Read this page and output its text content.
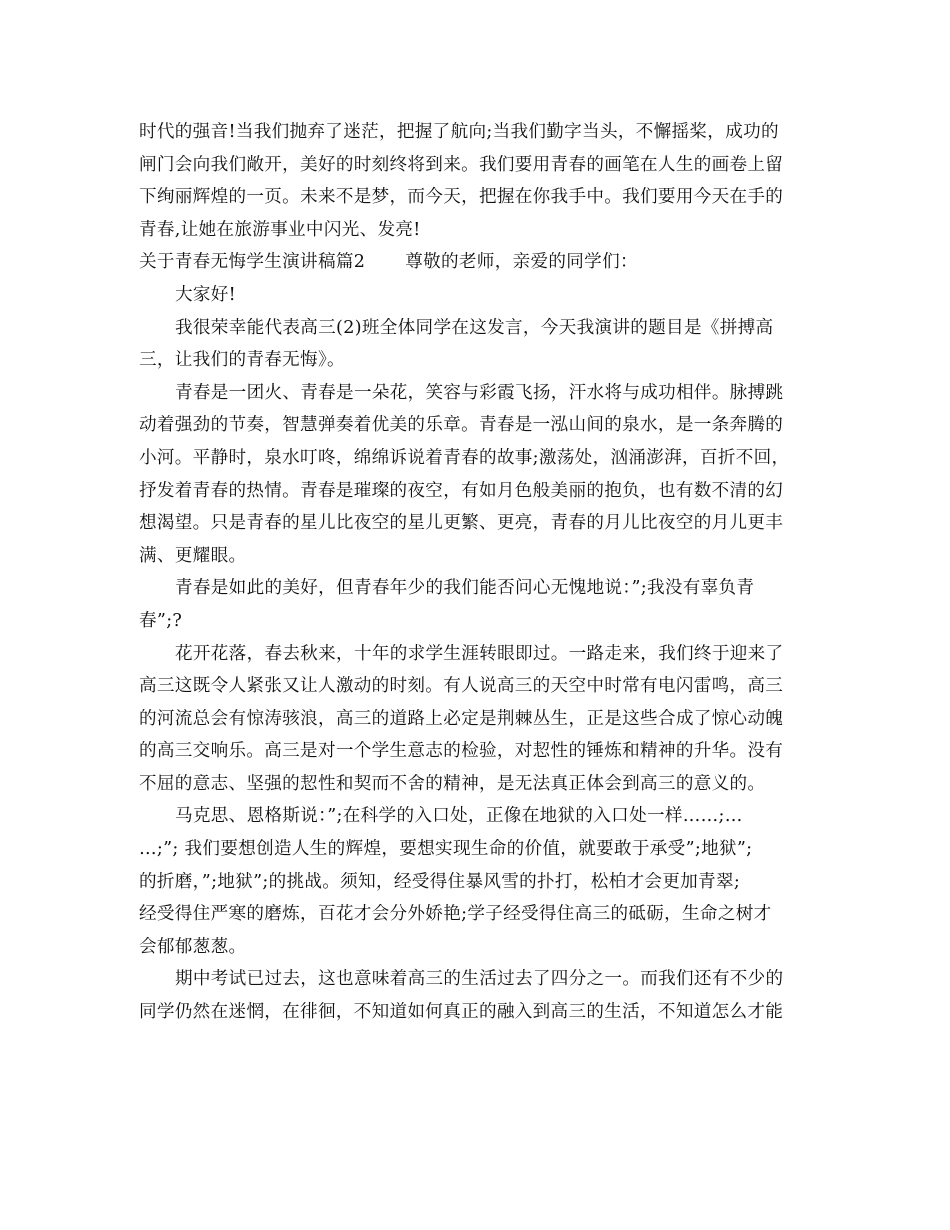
时代的强音!当我们抛弃了迷茫，把握了航向;当我们勤字当头，不懈摇桨，成功的
闸门会向我们敞开，美好的时刻终将到来。我们要用青春的画笔在人生的画卷上留
下绚丽辉煌的一页。未来不是梦，而今天，把握在你我手中。我们要用今天在手的
青春,让她在旅游事业中闪光、发亮!
关于青春无悔学生演讲稿篇2 尊敬的老师，亲爱的同学们：
大家好!
我很荣幸能代表高三(2)班全体同学在这发言，今天我演讲的题目是《拼搏高
三，让我们的青春无悔》。
青春是一团火、青春是一朵花，笑容与彩霞飞扬，汗水将与成功相伴。脉搏跳
动着强劲的节奏，智慧弹奏着优美的乐章。青春是一泓山间的泉水，是一条奔腾的
小河。平静时，泉水叮咚，绵绵诉说着青春的故事;激荡处，汹涌澎湃，百折不回，
抒发着青春的热情。青春是璀璨的夜空，有如月色般美丽的抱负，也有数不清的幻
想渴望。只是青春的星儿比夜空的星儿更繁、更亮，青春的月儿比夜空的月儿更丰
满、更耀眼。
青春是如此的美好，但青春年少的我们能否问心无愧地说：”;我没有辜负青
春”;?
花开花落，春去秋来，十年的求学生涯转眼即过。一路走来，我们终于迎来了
高三这既令人紧张又让人激动的时刻。有人说高三的天空中时常有电闪雷鸣，高三
的河流总会有惊涛骇浪，高三的道路上必定是荆棘丛生，正是这些合成了惊心动魄
的高三交响乐。高三是对一个学生意志的检验，对恝性的锤炼和精神的升华。没有
不屈的意志、坚强的恝性和契而不舍的精神，是无法真正体会到高三的意义的。
马克思、恩格斯说：”;在科学的入口处，正像在地狱的入口处一样……;…
…;”; 我们要想创造人生的辉煌，要想实现生命的价值，就要敢于承受”;地狱”;
的折磨，”;地狱”;的挑战。须知，经受得住暴风雪的扑打，松柏才会更加青翠;
经受得住严寒的磨炼，百花才会分外娇艳;学子经受得住高三的砥砺，生命之树才
会郁郁葱葱。
期中考试已过去，这也意味着高三的生活过去了四分之一。而我们还有不少的
同学仍然在迷惘，在徘徊，不知道如何真正的融入到高三的生活，不知道怎么才能
